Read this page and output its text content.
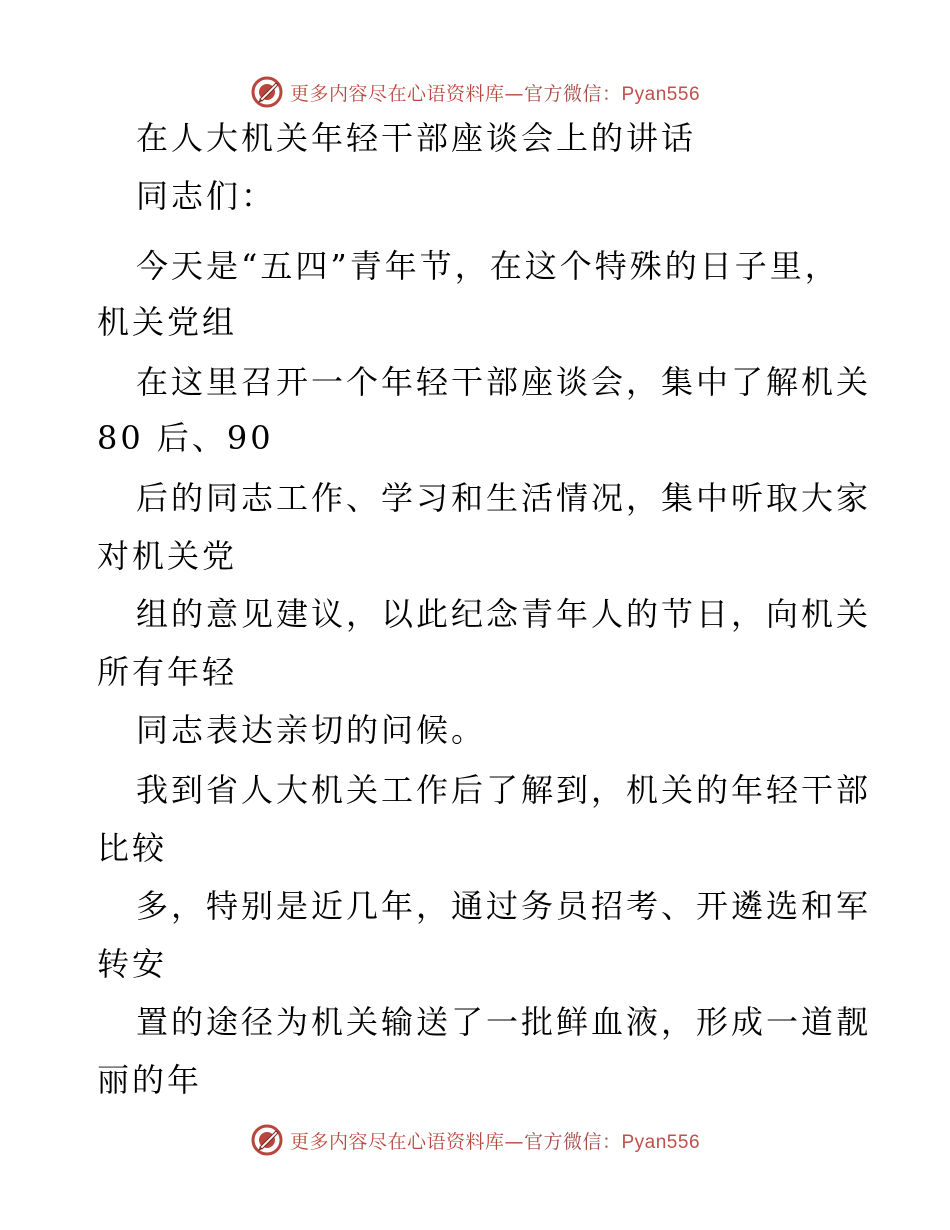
更多内容尽在心语资料库—官方微信：Pyan556
在人大机关年轻干部座谈会上的讲话
同志们：
今天是“五四”青年节，在这个特殊的日子里，
机关党组
在这里召开一个年轻干部座谈会，集中了解机关
80 后、90
后的同志工作、学习和生活情况，集中听取大家
对机关党
组的意见建议，以此纪念青年人的节日，向机关
所有年轻
同志表达亲切的问候。
我到省人大机关工作后了解到，机关的年轻干部
比较
多，特别是近几年，通过务员招考、开遴选和军
转安
置的途径为机关输送了一批鲜血液，形成一道靓
丽的年
更多内容尽在心语资料库—官方微信：Pyan556
